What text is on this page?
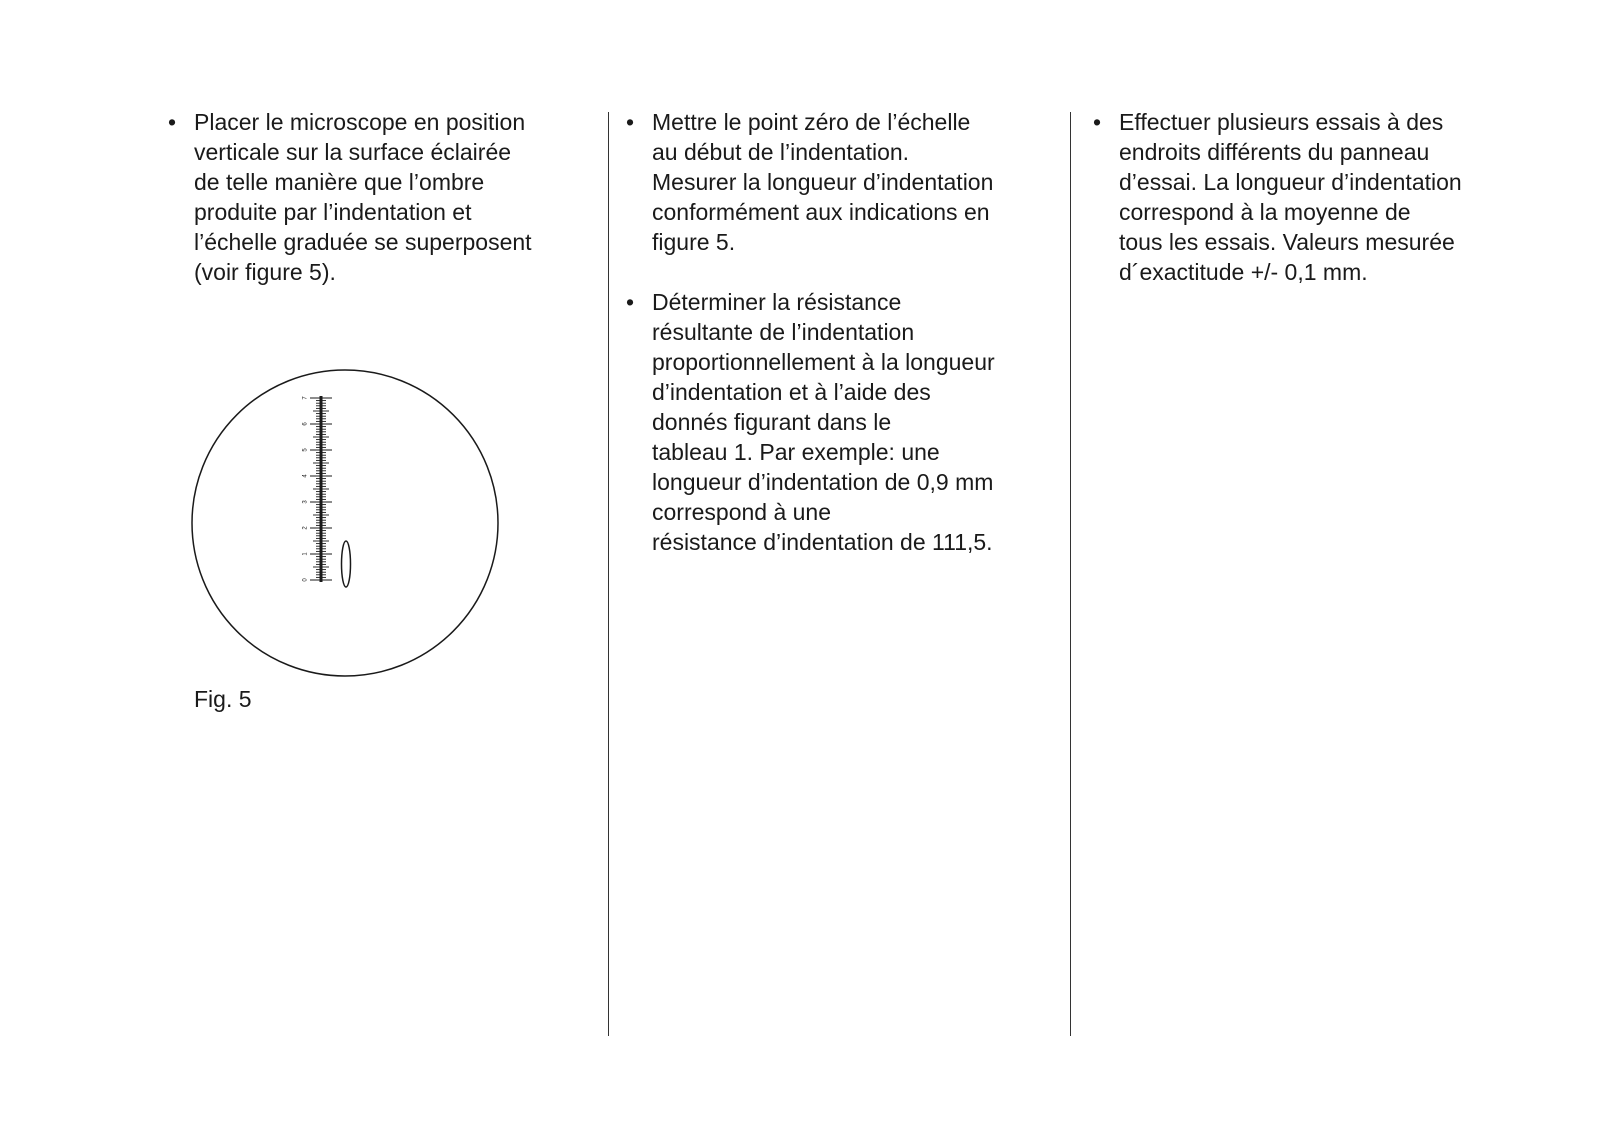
• Placer le microscope en position
verticale sur la surface éclairée
de telle manière que l’ombre
produite par l’indentation et
l’échelle graduée se superposent
(voir figure 5).
0
1
2
3
4
5
6
7
Fig. 5
• Mettre le point zéro de l’échelle
au début de l’indentation.
Mesurer la longueur d’indentation
conformément aux indications en
figure 5.
• Déterminer la résistance
résultante de l’indentation
proportionnellement à la longueur
d’indentation et à l’aide des
donnés figurant dans le
tableau 1. Par exemple: une
longueur d’indentation de 0,9 mm
correspond à une
résistance d’indentation de 111,5.
• Effectuer plusieurs essais à des
endroits différents du panneau
d’essai. La longueur d’indentation
correspond à la moyenne de
tous les essais. Valeurs mesurée
d´exactitude +/- 0,1 mm.
